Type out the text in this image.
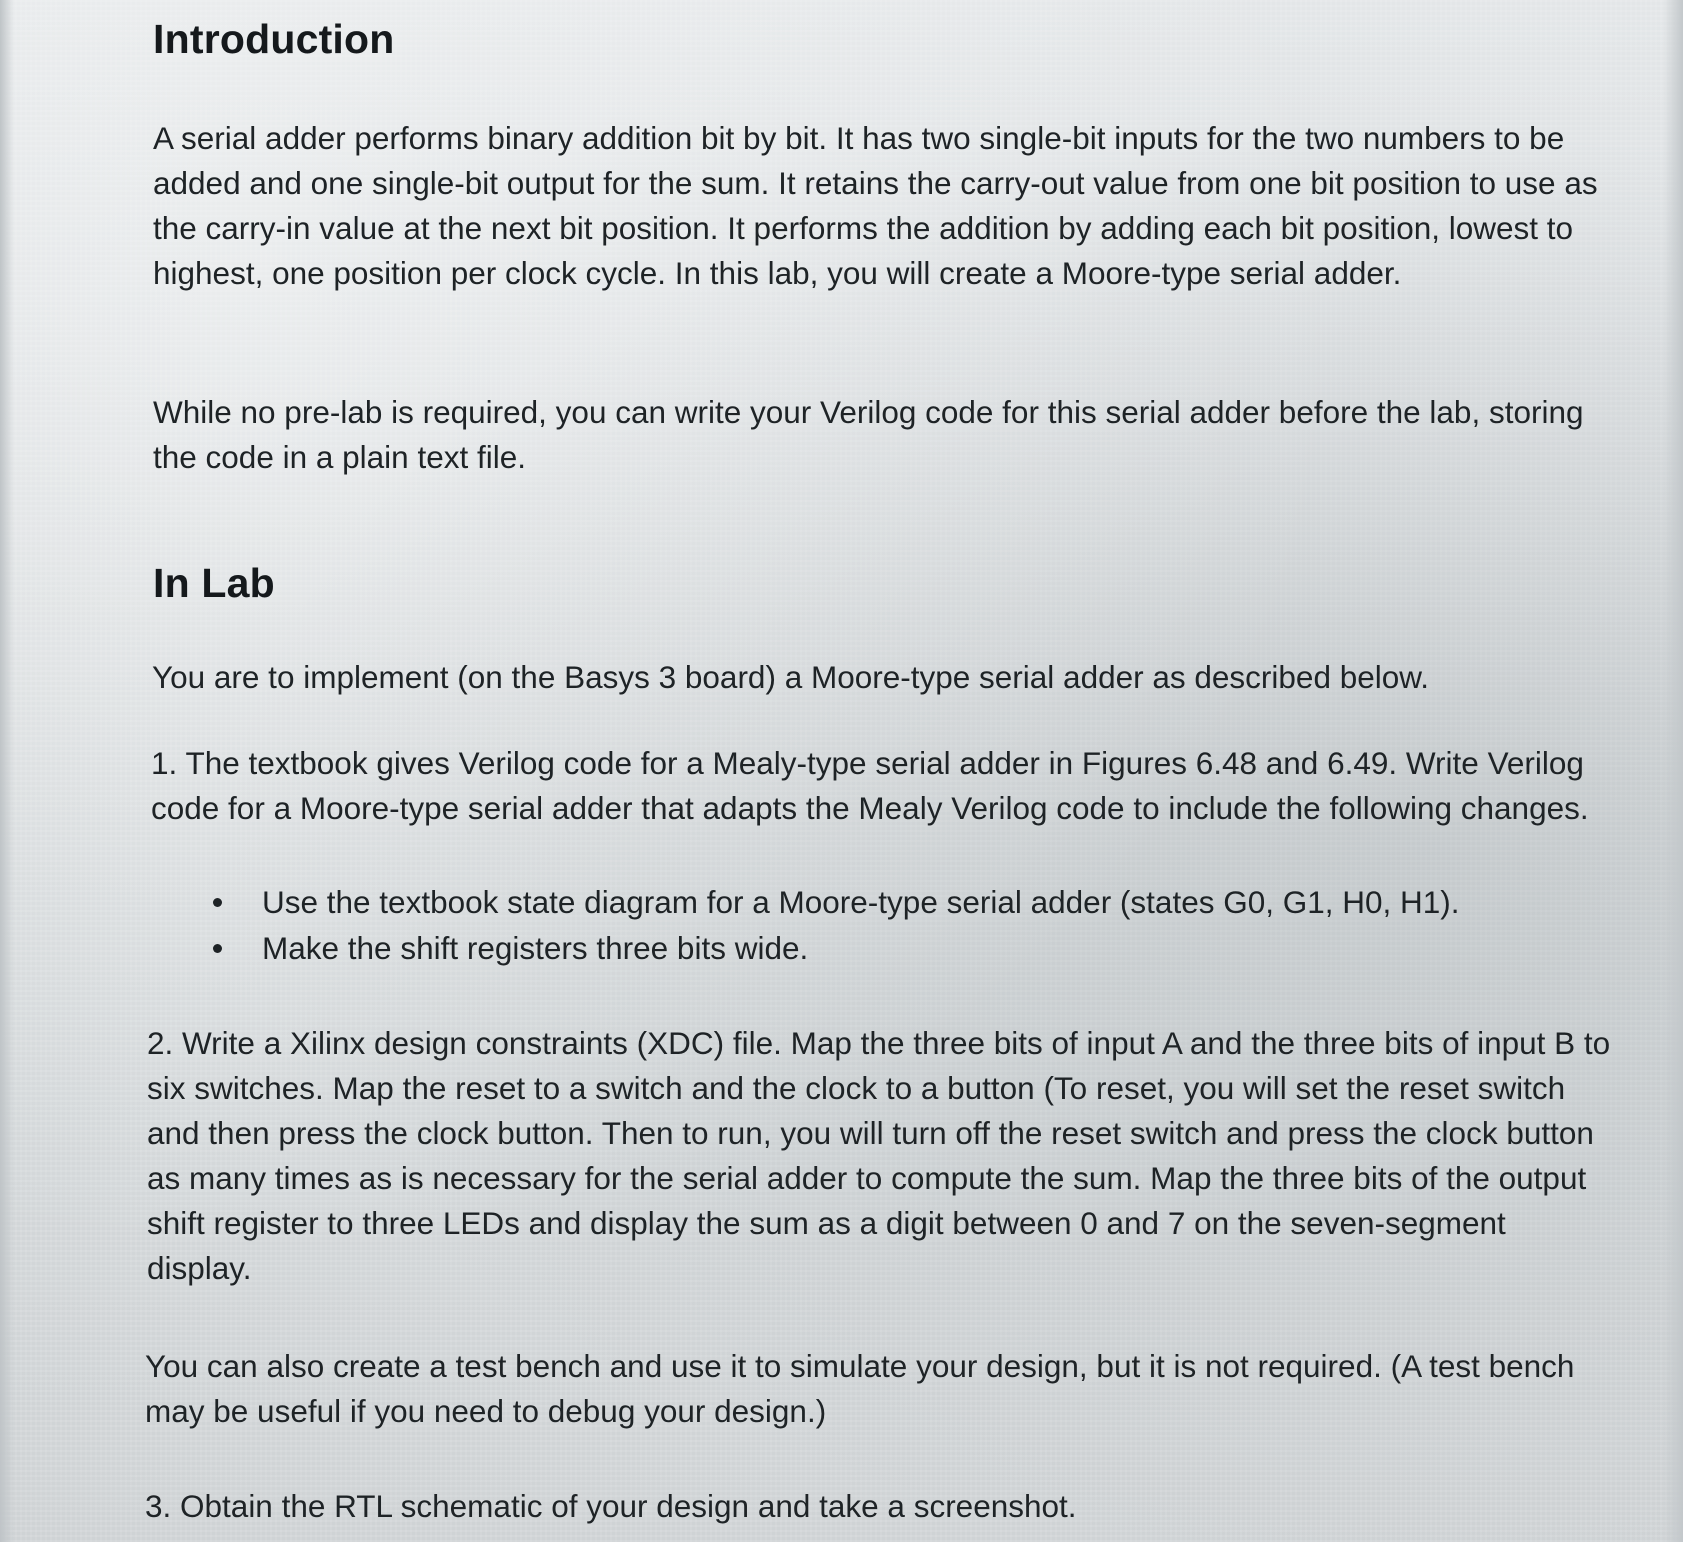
Introduction

A serial adder performs binary addition bit by bit. It has two single-bit inputs for the two numbers to be added and one single-bit output for the sum. It retains the carry-out value from one bit position to use as the carry-in value at the next bit position. It performs the addition by adding each bit position, lowest to highest, one position per clock cycle. In this lab, you will create a Moore-type serial adder.

While no pre-lab is required, you can write your Verilog code for this serial adder before the lab, storing the code in a plain text file.

In Lab

You are to implement (on the Basys 3 board) a Moore-type serial adder as described below.

1. The textbook gives Verilog code for a Mealy-type serial adder in Figures 6.48 and 6.49. Write Verilog code for a Moore-type serial adder that adapts the Mealy Verilog code to include the following changes.

Use the textbook state diagram for a Moore-type serial adder (states G0, G1, H0, H1).
Make the shift registers three bits wide.

2. Write a Xilinx design constraints (XDC) file. Map the three bits of input A and the three bits of input B to six switches. Map the reset to a switch and the clock to a button (To reset, you will set the reset switch and then press the clock button. Then to run, you will turn off the reset switch and press the clock button as many times as is necessary for the serial adder to compute the sum. Map the three bits of the output shift register to three LEDs and display the sum as a digit between 0 and 7 on the seven-segment display.

You can also create a test bench and use it to simulate your design, but it is not required. (A test bench may be useful if you need to debug your design.)

3. Obtain the RTL schematic of your design and take a screenshot.
